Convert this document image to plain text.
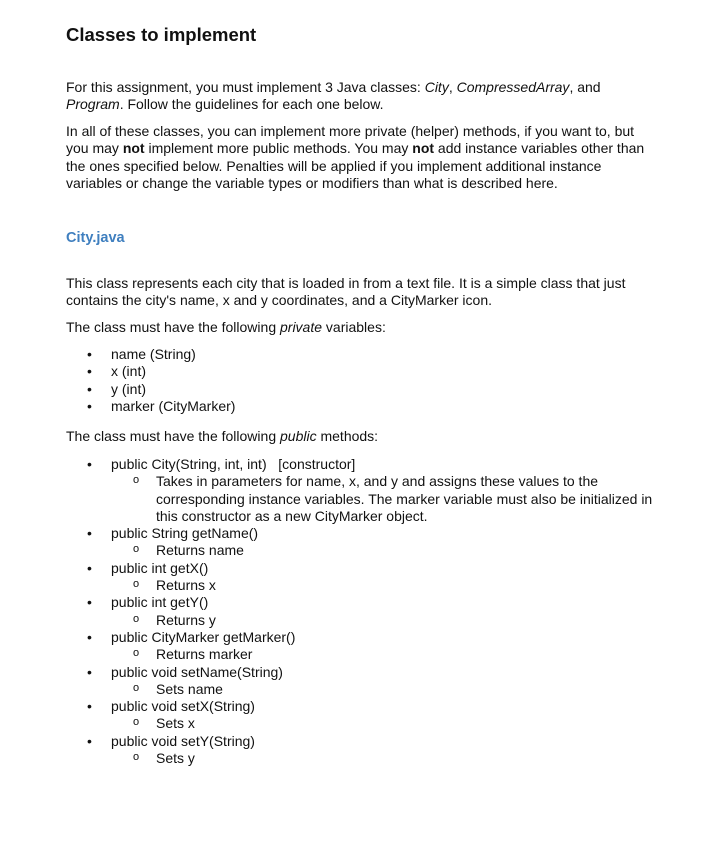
Classes to implement
For this assignment, you must implement 3 Java classes: City, CompressedArray, and
Program. Follow the guidelines for each one below.
In all of these classes, you can implement more private (helper) methods, if you want to, but you may not implement more public methods. You may not add instance variables other than the ones specified below. Penalties will be applied if you implement additional instance variables or change the variable types or modifiers than what is described here.
City.java
This class represents each city that is loaded in from a text file. It is a simple class that just contains the city's name, x and y coordinates, and a CityMarker icon.
The class must have the following private variables:
• name (String)
• x (int)
• y (int)
• marker (CityMarker)
The class must have the following public methods:
• public City(String, int, int)   [constructor]
o Takes in parameters for name, x, and y and assigns these values to the corresponding instance variables. The marker variable must also be initialized in this constructor as a new CityMarker object.
• public String getName()
o Returns name
• public int getX()
o Returns x
• public int getY()
o Returns y
• public CityMarker getMarker()
o Returns marker
• public void setName(String)
o Sets name
• public void setX(String)
o Sets x
• public void setY(String)
o Sets y
